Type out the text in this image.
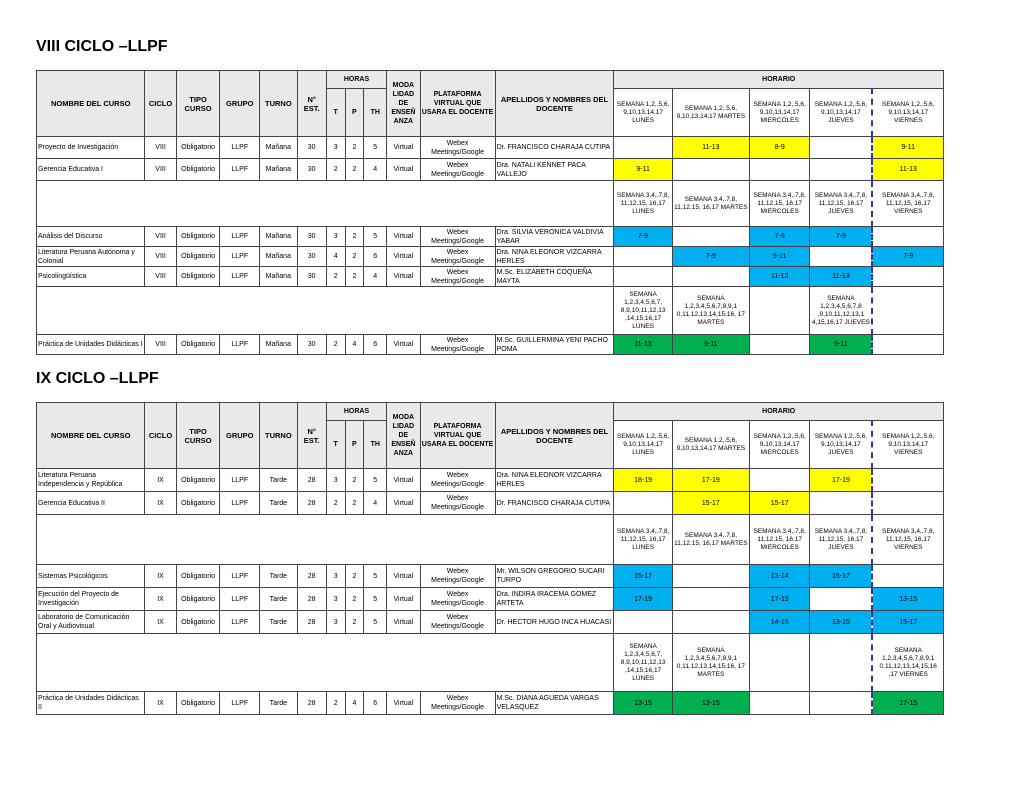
VIII CICLO –LLPF
NOMBRE DEL CURSO	CICLO	TIPO CURSO	GRUPO	TURNO	N° EST.	HORAS			MODA LIDAD DE ENSEÑ ANZA	PLATAFORMA VIRTUAL QUE USARA EL DOCENTE	APELLIDOS Y NOMBRES DEL DOCENTE	HORARIO				
						T	P	TH				SEMANA 1,2,.5,6, 9,10,13,14,17 LUNES	SEMANA 1,2,.5,6, 9,10,13,14,17 MARTES	SEMANA 1,2,.5,6, 9,10,13,14,17 MIERCOLES	SEMANA 1,2,.5,6, 9,10,13,14,17 JUEVES	SEMANA 1,2,.5,6, 9,10,13,14,17 VIERNES
Proyecto de Investigación	VIII	Obligatorio	LLPF	Mañana	30	3	2	5	Virtual	Webex Meetings/Google	Dr. FRANCISCO CHARAJA CUTIPA		11-13	8-9		9-11
Gerencia Educativa I	VIII	Obligatorio	LLPF	Mañana	30	2	2	4	Virtual	Webex Meetings/Google	Dra. NATALI KENNET PACA VALLEJO	9-11				11-13
												SEMANA 3,4,.7,8, 11,12,15, 16,17 LUNES	SEMANA 3,4,.7,8, 11,12,15, 16,17 MARTES	SEMANA 3,4,.7,8, 11,12,15, 16,17 MIERCOLES	SEMANA 3,4,.7,8, 11,12,15, 16,17 JUEVES	SEMANA 3,4,.7,8, 11,12,15, 16,17 VIERNES
Análisis del Discurso	VIII	Obligatorio	LLPF	Mañana	30	3	2	5	Virtual	Webex Meetings/Google	Dra. SILVIA VERONICA VALDIVIA YABAR	7-9		7-9	7-9	
Literatura Peruana Autónoma y Colonial	VIII	Obligatorio	LLPF	Mañana	30	4	2	6	Virtual	Webex Meetings/Google	Dra. NINA ELEONOR VIZCARRA HERLES		7-9	9-11		7-9
Psicolingüística	VIII	Obligatorio	LLPF	Mañana	30	2	2	4	Virtual	Webex Meetings/Google	M.Sc. ELIZABETH COQUEÑA MAYTA			11-13	11-13	
												SEMANA 1,2,3,4,5,6,7, 8,9,10,11,12,13 ,14,15,16,17 LUNES	SEMANA 1,2,3,4,5,6,7,8,9,1 0,11,12,13,14,15,16, 17 MARTES		SEMANA 1,2,3,4,5,6,7,8 ,9,10,11,12,13,1 4,15,16,17 JUEVES	
Práctica de Unidades Didácticas I	VIII	Obligatorio	LLPF	Mañana	30	2	4	6	Virtual	Webex Meetings/Google	M.Sc. GUILLERMINA YENI PACHO POMA	11-13	9-11		9-11	
IX CICLO –LLPF
NOMBRE DEL CURSO	CICLO	TIPO CURSO	GRUPO	TURNO	N° EST.	HORAS			MODA LIDAD DE ENSEÑ ANZA	PLATAFORMA VIRTUAL QUE USARA EL DOCENTE	APELLIDOS Y NOMBRES DEL DOCENTE	HORARIO				
						T	P	TH				SEMANA 1,2,.5,6, 9,10,13,14,17 LUNES	SEMANA 1,2,.5,6, 9,10,13,14,17 MARTES	SEMANA 1,2,.5,6, 9,10,13,14,17 MIERCOLES	SEMANA 1,2,.5,6, 9,10,13,14,17 JUEVES	SEMANA 1,2,.5,6, 9,10,13,14,17 VIERNES
Literatura Peruana Independencia y República	IX	Obligatorio	LLPF	Tarde	28	3	2	5	Virtual	Webex Meetings/Google	Dra. NINA ELEONOR VIZCARRA HERLES	18-19	17-19		17-19	
Gerencia Educativa II	IX	Obligatorio	LLPF	Tarde	28	2	2	4	Virtual	Webex Meetings/Google	Dr. FRANCISCO CHARAJA CUTIPA		15-17	15-17		
												SEMANA 3,4,.7,8, 11,12,15, 16,17 LUNES	SEMANA 3,4,.7,8, 11,12,15, 16,17 MARTES	SEMANA 3,4,.7,8, 11,12,15, 16,17 MIERCOLES	SEMANA 3,4,.7,8, 11,12,15, 16,17 JUEVES	SEMANA 3,4,.7,8, 11,12,15, 16,17 VIERNES
Sistemas Psicológicos	IX	Obligatorio	LLPF	Tarde	28	3	2	5	Virtual	Webex Meetings/Google	Mr. WILSON GREGORIO SUCARI TURPO	15-17		13-14	15-17	
Ejecución del Proyecto de Investigación	IX	Obligatorio	LLPF	Tarde	28	3	2	5	Virtual	Webex Meetings/Google	Dra. INDIRA IRACEMA GOMEZ ARTETA	17-19		17-19		13-15
Laboratorio de Comunicación Oral y Audiovisual	IX	Obligatorio	LLPF	Tarde	28	3	2	5	Virtual	Webex Meetings/Google	Dr. HECTOR HUGO INCA HUACASI			14-15	13-15	15-17
												SEMANA 1,2,3,4,5,6,7, 8,9,10,11,12,13 ,14,15,16,17 LUNES	SEMANA 1,2,3,4,5,6,7,8,9,1 0,11,12,13,14,15,16, 17 MARTES			SEMANA 1,2,3,4,5,6,7,8,9,1 0,11,12,13,14,15,16 ,17 VIERNES
Práctica de Unidades Didácticas II	IX	Obligatorio	LLPF	Tarde	28	2	4	6	Virtual	Webex Meetings/Google	M.Sc. DIANA AGUEDA VARGAS VELASQUEZ	13-15	13-15			17-15
